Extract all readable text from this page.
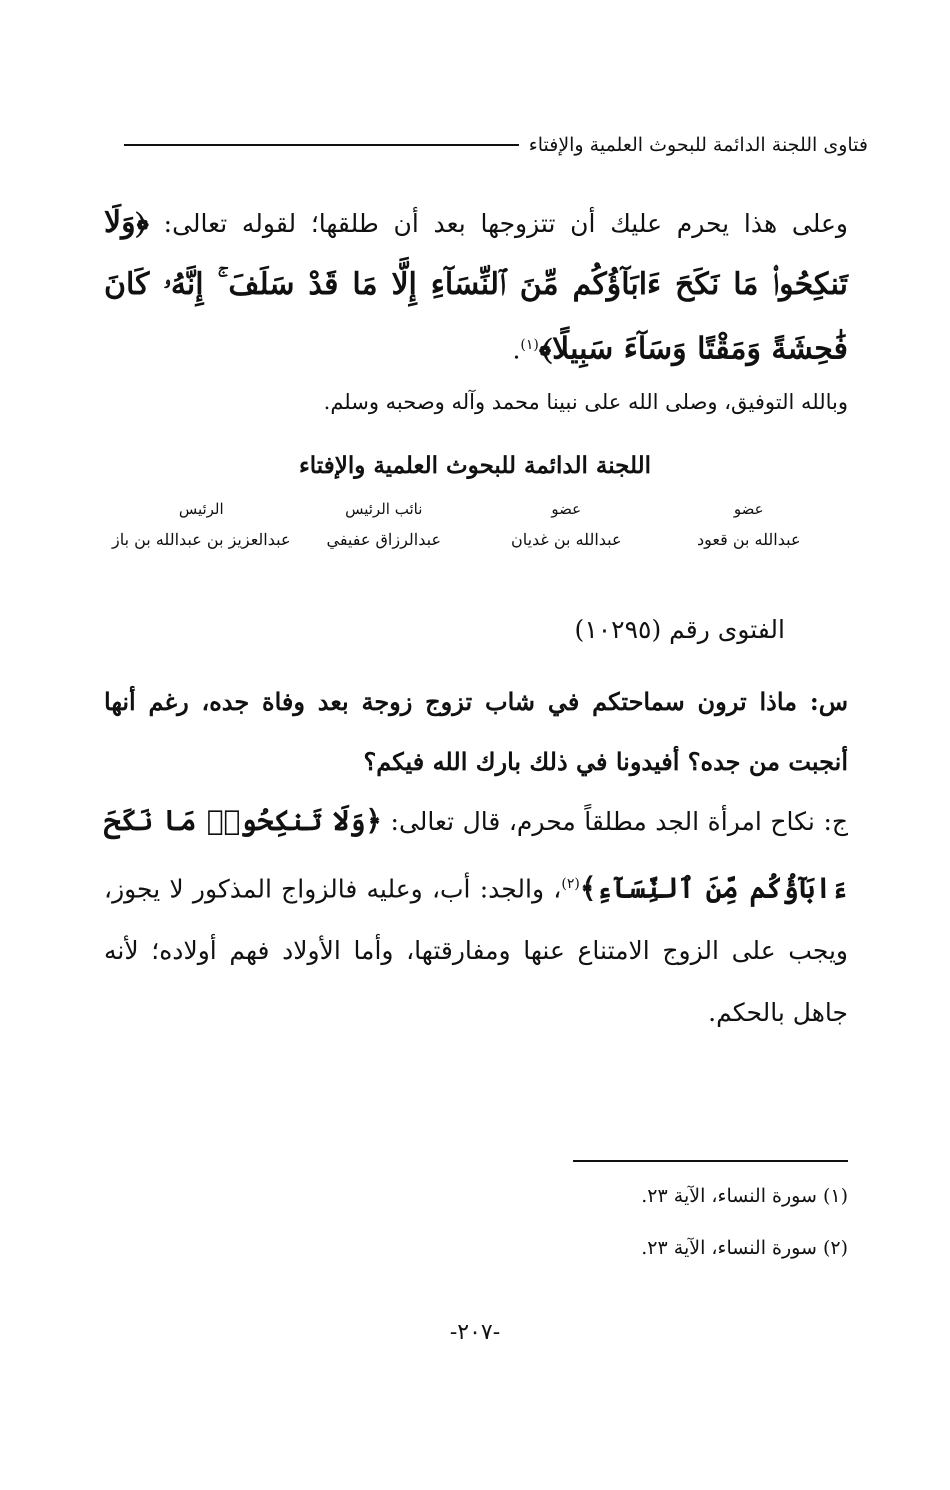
فتاوى اللجنة الدائمة للبحوث العلمية والإفتاء
وعلى هذا يحرم عليك أن تتزوجها بعد أن طلقها؛ لقوله تعالى: ﴿وَلَا تَنكِحُوا۟ مَا نَكَحَ ءَابَآؤُكُم مِّنَ ٱلنِّسَآءِ إِلَّا مَا قَدْ سَلَفَ ۚ إِنَّهُۥ كَانَ فَٰحِشَةً وَمَقْتًا وَسَآءَ سَبِيلًا﴾$^{(١)}$.
وبالله التوفيق، وصلى الله على نبينا محمد وآله وصحبه وسلم.
اللجنة الدائمة للبحوث العلمية والإفتاء
عضو
عضو
نائب الرئيس
الرئيس
عبدالله بن قعود
عبدالله بن غديان
عبدالرزاق عفيفي
عبدالعزيز بن عبدالله بن باز
الفتوى رقم (١٠٢٩٥)
س: ماذا ترون سماحتكم في شاب تزوج زوجة بعد وفاة جده، رغم أنها أنجبت من جده؟ أفيدونا في ذلك بارك الله فيكم؟
ج: نكاح امرأة الجد مطلقاً محرم، قال تعالى: ﴿وَلَا تَنكِحُوا۟ مَا نَكَحَ ءَابَآؤُكُم مِّنَ ٱلنِّسَآءِ﴾$^{(٢)}$، والجد: أب، وعليه فالزواج المذكور لا يجوز، ويجب على الزوج الامتناع عنها ومفارقتها، وأما الأولاد فهم أولاده؛ لأنه جاهل بالحكم.
(١) سورة النساء، الآية ٢٣.
(٢) سورة النساء، الآية ٢٣.
-٢٠٧-
